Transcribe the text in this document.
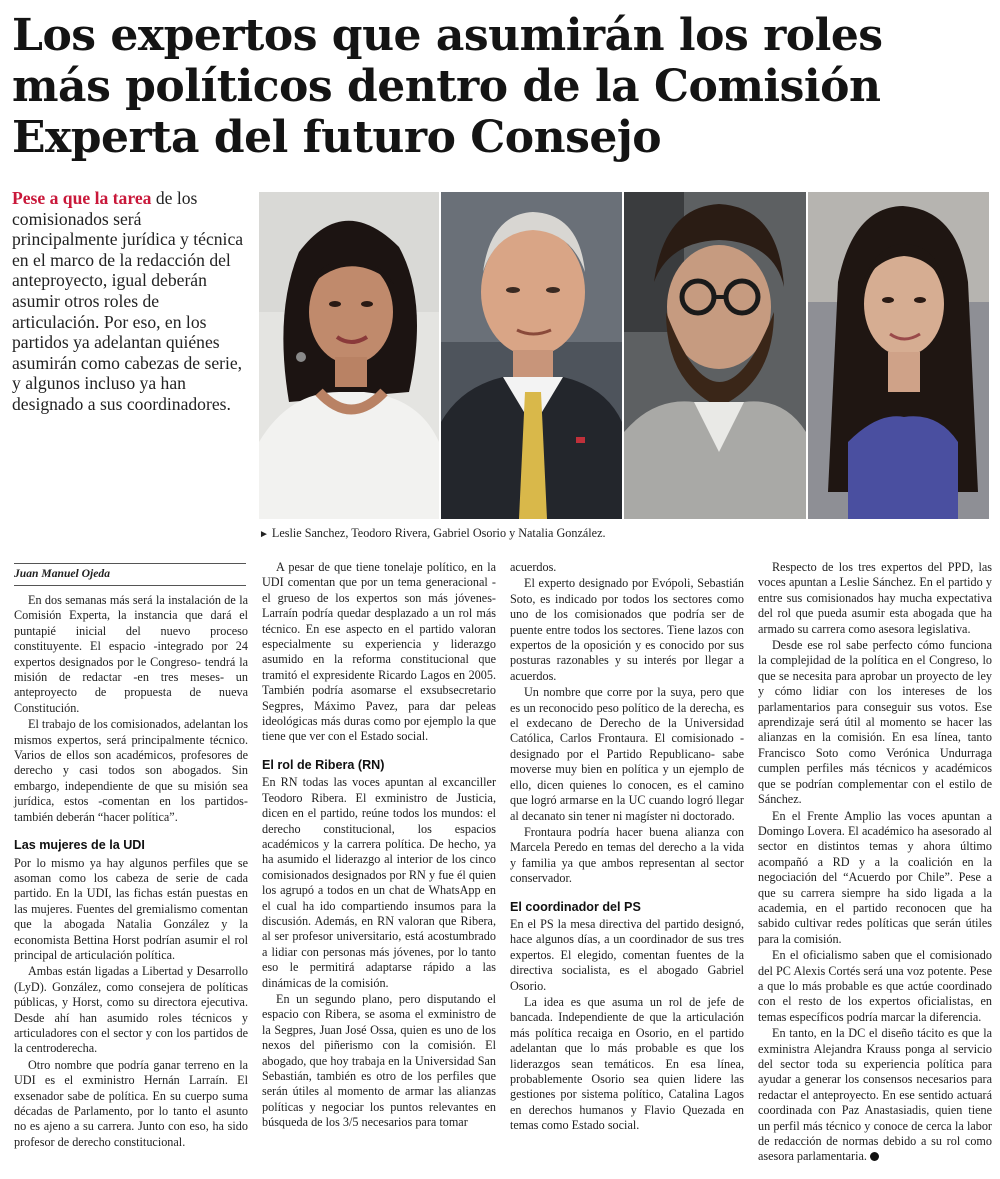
Los expertos que asumirán los roles más políticos dentro de la Comisión Experta del futuro Consejo
Pese a que la tarea de los comisionados será principalmente jurídica y técnica en el marco de la redacción del anteproyecto, igual deberán asumir otros roles de articulación. Por eso, en los partidos ya adelantan quiénes asumirán como cabezas de serie, y algunos incluso ya han designado a sus coordinadores.
► Leslie Sanchez, Teodoro Rivera, Gabriel Osorio y Natalia González.
Juan Manuel Ojeda

En dos semanas más será la instalación de la Comisión Experta, la instancia que dará el puntapié inicial del nuevo proceso constituyente. El espacio -integrado por 24 expertos designados por le Congreso- tendrá la misión de redactar -en tres meses- un anteproyecto de propuesta de nueva Constitución.

El trabajo de los comisionados, adelantan los mismos expertos, será principalmente técnico. Varios de ellos son académicos, profesores de derecho y casi todos son abogados. Sin embargo, independiente de que su misión sea jurídica, estos -comentan en los partidos- también deberán “hacer política”.

Las mujeres de la UDI

Por lo mismo ya hay algunos perfiles que se asoman como los cabeza de serie de cada partido. En la UDI, las fichas están puestas en las mujeres. Fuentes del gremialismo comentan que la abogada Natalia González y la economista Bettina Horst podrían asumir el rol principal de articulación política.

Ambas están ligadas a Libertad y Desarrollo (LyD). González, como consejera de políticas públicas, y Horst, como su directora ejecutiva. Desde ahí han asumido roles técnicos y articuladores con el sector y con los partidos de la centroderecha.

Otro nombre que podría ganar terreno en la UDI es el exministro Hernán Larraín. El exsenador sabe de política. En su cuerpo suma décadas de Parlamento, por lo tanto el asunto no es ajeno a su carrera. Junto con eso, ha sido profesor de derecho constitucional.

A pesar de que tiene tonelaje político, en la UDI comentan que por un tema generacional -el grueso de los expertos son más jóvenes- Larraín podría quedar desplazado a un rol más técnico. En ese aspecto en el partido valoran especialmente su experiencia y liderazgo asumido en la reforma constitucional que tramitó el expresidente Ricardo Lagos en 2005. También podría asomarse el exsubsecretario Segpres, Máximo Pavez, para dar peleas ideológicas más duras como por ejemplo la que tiene que ver con el Estado social.

El rol de Ribera (RN)

En RN todas las voces apuntan al excanciller Teodoro Ribera. El exministro de Justicia, dicen en el partido, reúne todos los mundos: el derecho constitucional, los espacios académicos y la carrera política. De hecho, ya ha asumido el liderazgo al interior de los cinco comisionados designados por RN y fue él quien los agrupó a todos en un chat de WhatsApp en el cual ha ido compartiendo insumos para la discusión. Además, en RN valoran que Ribera, al ser profesor universitario, está acostumbrado a lidiar con personas más jóvenes, por lo tanto eso le permitirá adaptarse rápido a las dinámicas de la comisión.

En un segundo plano, pero disputando el espacio con Ribera, se asoma el exministro de la Segpres, Juan José Ossa, quien es uno de los nexos del piñerismo con la comisión. El abogado, que hoy trabaja en la Universidad San Sebastián, también es otro de los perfiles que serán útiles al momento de armar las alianzas políticas y negociar los puntos relevantes en búsqueda de los 3/5 necesarios para tomar

acuerdos.

El experto designado por Evópoli, Sebastián Soto, es indicado por todos los sectores como uno de los comisionados que podría ser de puente entre todos los sectores. Tiene lazos con expertos de la oposición y es conocido por sus posturas razonables y su interés por llegar a acuerdos.

Un nombre que corre por la suya, pero que es un reconocido peso político de la derecha, es el exdecano de Derecho de la Universidad Católica, Carlos Frontaura. El comisionado -designado por el Partido Republicano- sabe moverse muy bien en política y un ejemplo de ello, dicen quienes lo conocen, es el camino que logró armarse en la UC cuando logró llegar al decanato sin tener ni magíster ni doctorado.

Frontaura podría hacer buena alianza con Marcela Peredo en temas del derecho a la vida y familia ya que ambos representan al sector conservador.

El coordinador del PS

En el PS la mesa directiva del partido designó, hace algunos días, a un coordinador de sus tres expertos. El elegido, comentan fuentes de la directiva socialista, es el abogado Gabriel Osorio.

La idea es que asuma un rol de jefe de bancada. Independiente de que la articulación más política recaiga en Osorio, en el partido adelantan que lo más probable es que los liderazgos sean temáticos. En esa línea, probablemente Osorio sea quien lidere las gestiones por sistema político, Catalina Lagos en derechos humanos y Flavio Quezada en temas como Estado social.

Respecto de los tres expertos del PPD, las voces apuntan a Leslie Sánchez. En el partido y entre sus comisionados hay mucha expectativa del rol que pueda asumir esta abogada que ha armado su carrera como asesora legislativa.

Desde ese rol sabe perfecto cómo funciona la complejidad de la política en el Congreso, lo que se necesita para aprobar un proyecto de ley y cómo lidiar con los intereses de los parlamentarios para conseguir sus votos. Ese aprendizaje será útil al momento se hacer las alianzas en la comisión. En esa línea, tanto Francisco Soto como Verónica Undurraga cumplen perfiles más técnicos y académicos que se podrían complementar con el estilo de Sánchez.

En el Frente Amplio las voces apuntan a Domingo Lovera. El académico ha asesorado al sector en distintos temas y ahora último acompañó a RD y a la coalición en la negociación del “Acuerdo por Chile”. Pese a que su carrera siempre ha sido ligada a la academia, en el partido reconocen que ha sabido cultivar redes políticas que serán útiles para la comisión.

En el oficialismo saben que el comisionado del PC Alexis Cortés será una voz potente. Pese a que lo más probable es que actúe coordinado con el resto de los expertos oficialistas, en temas específicos podría marcar la diferencia.

En tanto, en la DC el diseño tácito es que la exministra Alejandra Krauss ponga al servicio del sector toda su experiencia política para ayudar a generar los consensos necesarios para redactar el anteproyecto. En ese sentido actuará coordinada con Paz Anastasiadis, quien tiene un perfil más técnico y conoce de cerca la labor de redacción de normas debido a su rol como asesora parlamentaria.
